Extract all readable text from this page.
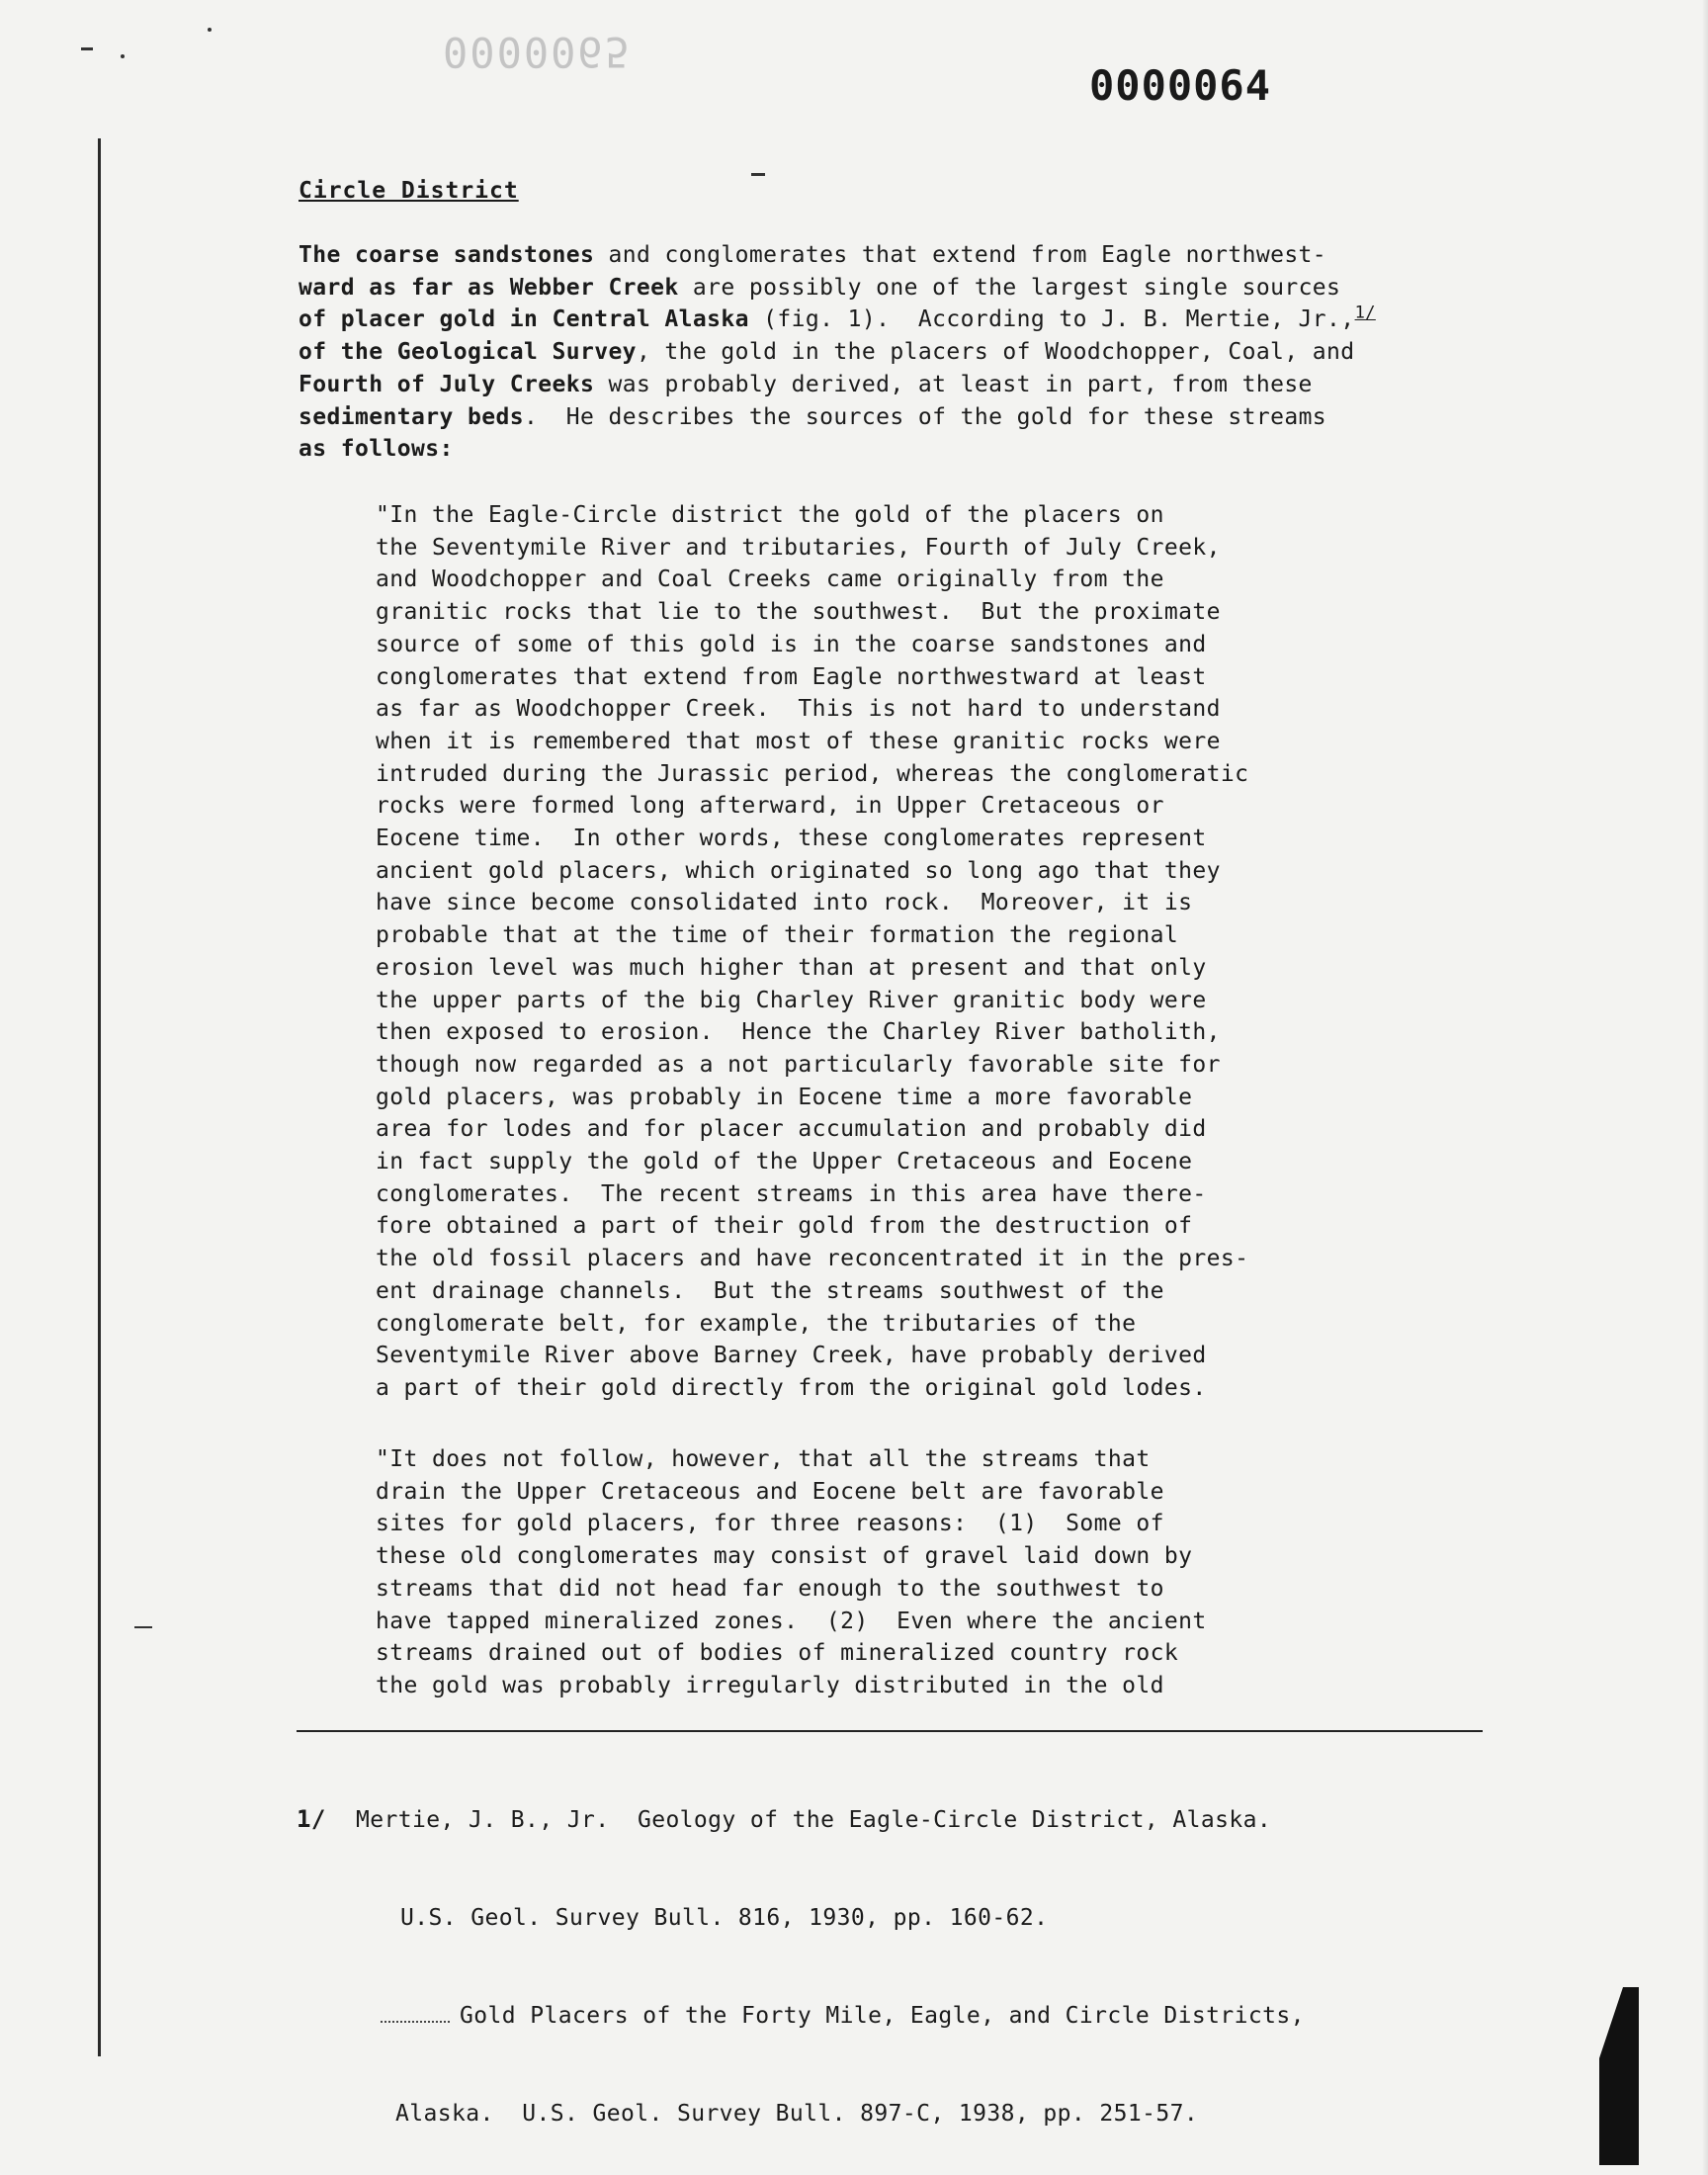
0000065
0000064
Circle District
The coarse sandstones and conglomerates that extend from Eagle northwest-
ward as far as Webber Creek are possibly one of the largest single sources
of placer gold in Central Alaska (fig. 1).  According to J. B. Mertie, Jr.,$^{1/}$
of the Geological Survey, the gold in the placers of Woodchopper, Coal, and
Fourth of July Creeks was probably derived, at least in part, from these
sedimentary beds.  He describes the sources of the gold for these streams
as follows:
"In the Eagle-Circle district the gold of the placers on
the Seventymile River and tributaries, Fourth of July Creek,
and Woodchopper and Coal Creeks came originally from the
granitic rocks that lie to the southwest.  But the proximate
source of some of this gold is in the coarse sandstones and
conglomerates that extend from Eagle northwestward at least
as far as Woodchopper Creek.  This is not hard to understand
when it is remembered that most of these granitic rocks were
intruded during the Jurassic period, whereas the conglomeratic
rocks were formed long afterward, in Upper Cretaceous or
Eocene time.  In other words, these conglomerates represent
ancient gold placers, which originated so long ago that they
have since become consolidated into rock.  Moreover, it is
probable that at the time of their formation the regional
erosion level was much higher than at present and that only
the upper parts of the big Charley River granitic body were
then exposed to erosion.  Hence the Charley River batholith,
though now regarded as a not particularly favorable site for
gold placers, was probably in Eocene time a more favorable
area for lodes and for placer accumulation and probably did
in fact supply the gold of the Upper Cretaceous and Eocene
conglomerates.  The recent streams in this area have there-
fore obtained a part of their gold from the destruction of
the old fossil placers and have reconcentrated it in the pres-
ent drainage channels.  But the streams southwest of the
conglomerate belt, for example, the tributaries of the
Seventymile River above Barney Creek, have probably derived
a part of their gold directly from the original gold lodes.
"It does not follow, however, that all the streams that
drain the Upper Cretaceous and Eocene belt are favorable
sites for gold placers, for three reasons:  (1)  Some of
these old conglomerates may consist of gravel laid down by
streams that did not head far enough to the southwest to
have tapped mineralized zones.  (2)  Even where the ancient
streams drained out of bodies of mineralized country rock
the gold was probably irregularly distributed in the old

1/ Mertie, J. B., Jr.  Geology of the Eagle-Circle District, Alaska.

U.S. Geol. Survey Bull. 816, 1930, pp. 160-62.

Gold Placers of the Forty Mile, Eagle, and Circle Districts,

Alaska.  U.S. Geol. Survey Bull. 897-C, 1938, pp. 251-57.
